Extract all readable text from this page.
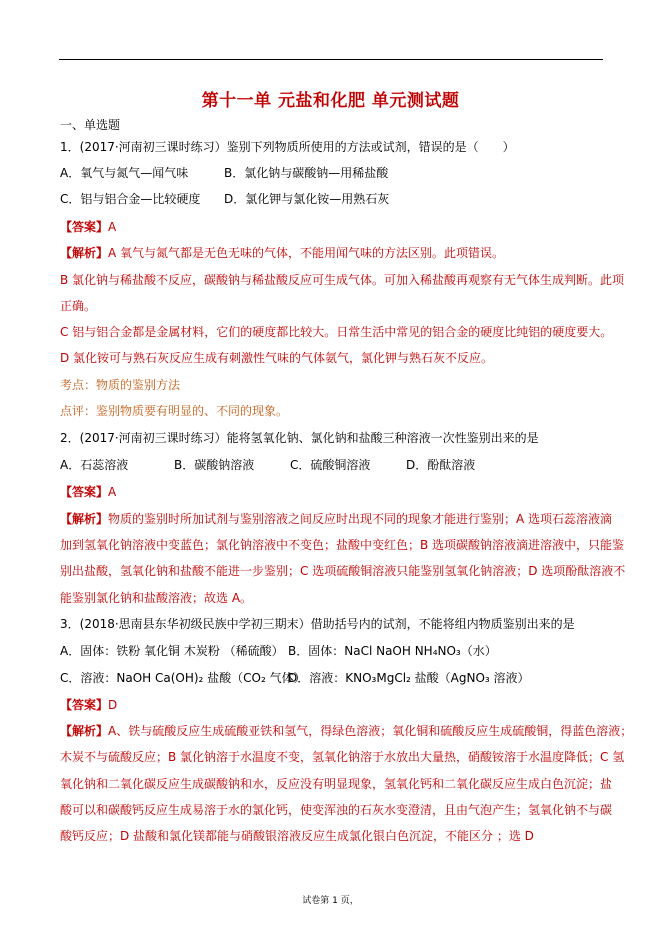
第十一单 元盐和化肥 单元测试题
一、单选题
1．(2017·河南初三课时练习）鉴别下列物质所使用的方法或试剂，错误的是（　　）
A．氧气与氮气—闻气味	B．氯化钠与碳酸钠—用稀盐酸
C．铝与铝合金—比较硬度 D．氯化钾与氯化铵—用熟石灰
【答案】A
【解析】A 氧气与氮气都是无色无味的气体，不能用闻气味的方法区别。此项错误。
B 氯化钠与稀盐酸不反应，碳酸钠与稀盐酸反应可生成气体。可加入稀盐酸再观察有无气体生成判断。此项
正确。
C 铝与铝合金都是金属材料，它们的硬度都比较大。日常生活中常见的铝合金的硬度比纯铝的硬度要大。
D 氯化铵可与熟石灰反应生成有刺激性气味的气体氨气，氯化钾与熟石灰不反应。
考点：物质的鉴别方法
点评：鉴别物质要有明显的、不同的现象。
2．(2017·河南初三课时练习）能将氢氧化钠、氯化钠和盐酸三种溶液一次性鉴别出来的是
A．石蕊溶液	B．碳酸钠溶液	C．硫酸铜溶液	D．酚酞溶液
【答案】A
【解析】物质的鉴别时所加试剂与鉴别溶液之间反应时出现不同的现象才能进行鉴别；A 选项石蕊溶液滴
加到氢氧化钠溶液中变蓝色；氯化钠溶液中不变色；盐酸中变红色；B 选项碳酸钠溶液滴进溶液中，只能鉴
别出盐酸，氢氧化钠和盐酸不能进一步鉴别；C 选项硫酸铜溶液只能鉴别氢氧化钠溶液；D 选项酚酞溶液不
能鉴别氯化钠和盐酸溶液；故选 A。
3．(2018·思南县东华初级民族中学初三期末）借助括号内的试剂，不能将组内物质鉴别出来的是
A．固体：铁粉 氧化铜 木炭粉 （稀硫酸） B．固体：NaCl NaOH NH₄NO₃（水）
C．溶液：NaOH Ca(OH)₂ 盐酸（CO₂ 气体）D．溶液：KNO₃MgCl₂ 盐酸（AgNO₃ 溶液）
【答案】D
【解析】A、铁与硫酸反应生成硫酸亚铁和氢气，得绿色溶液；氧化铜和硫酸反应生成硫酸铜，得蓝色溶液；
木炭不与硫酸反应；B 氯化钠溶于水温度不变，氢氧化钠溶于水放出大量热，硝酸铵溶于水温度降低；C 氢
氧化钠和二氧化碳反应生成碳酸钠和水，反应没有明显现象，氢氧化钙和二氧化碳反应生成白色沉淀；盐
酸可以和碳酸钙反应生成易溶于水的氯化钙，使变浑浊的石灰水变澄清，且由气泡产生；氢氧化钠不与碳
酸钙反应；D 盐酸和氯化镁都能与硝酸银溶液反应生成氯化银白色沉淀，不能区分 ；选 D
试卷第 1 页，
